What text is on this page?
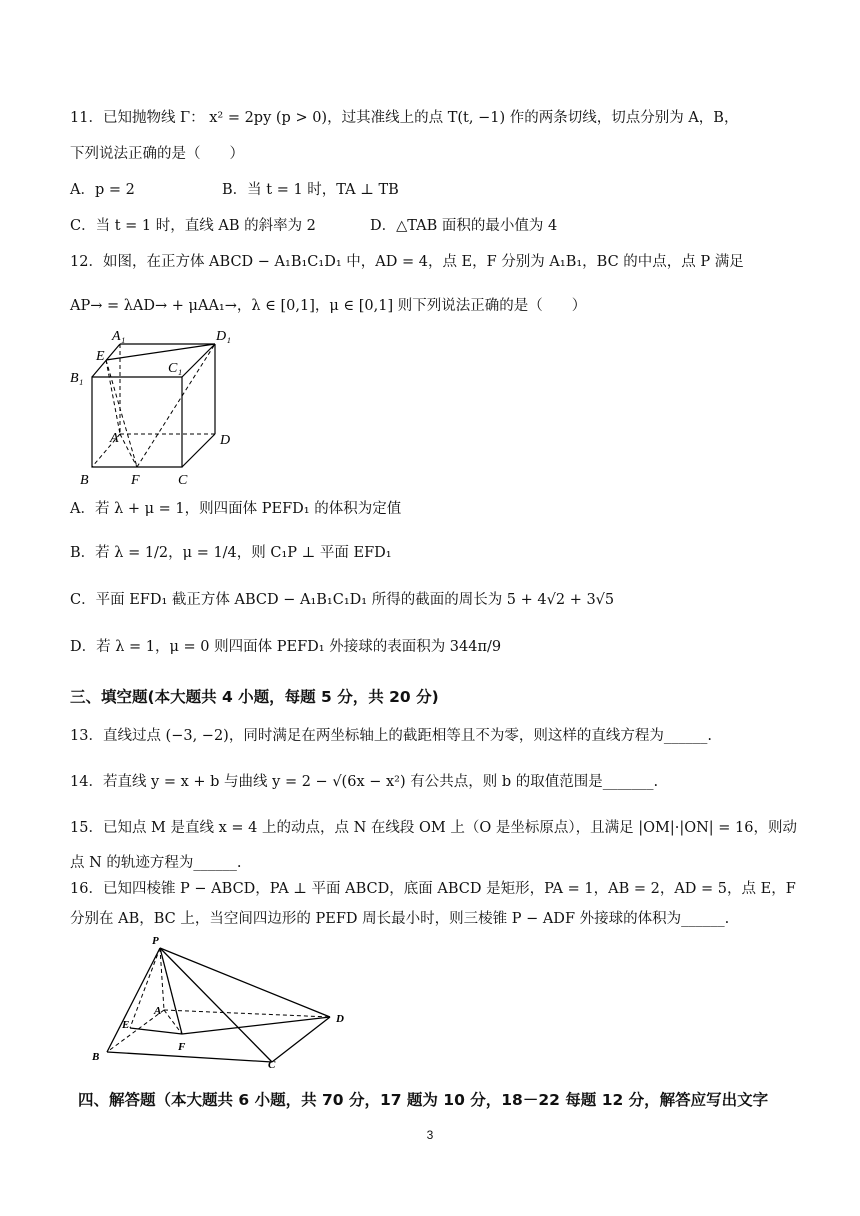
11．已知抛物线 Γ： x² = 2py (p > 0)，过其准线上的点 T(t, −1) 作的两条切线，切点分别为 A，B，
下列说法正确的是（　　）
A．p = 2	B．当 t = 1 时，TA ⊥ TB
C．当 t = 1 时，直线 AB 的斜率为 2	D．△TAB 面积的最小值为 4
12．如图，在正方体 ABCD − A₁B₁C₁D₁ 中，AD = 4，点 E，F 分别为 A₁B₁，BC 的中点，点 P 满足
AP→ = λAD→ + μAA₁→，λ ∈ [0,1]，μ ∈ [0,1] 则下列说法正确的是（　　）
A₁	D₁
E
C₁
B₁
A	D
B	F	C
A．若 λ + μ = 1，则四面体 PEFD₁ 的体积为定值
B．若 λ = 1/2，μ = 1/4，则 C₁P ⊥ 平面 EFD₁
C．平面 EFD₁ 截正方体 ABCD − A₁B₁C₁D₁ 所得的截面的周长为 5 + 4√2 + 3√5
D．若 λ = 1，μ = 0 则四面体 PEFD₁ 外接球的表面积为 344π/9
三、填空题(本大题共 4 小题，每题 5 分，共 20 分)
13．直线过点 (−3, −2)，同时满足在两坐标轴上的截距相等且不为零，则这样的直线方程为______.
14．若直线 y = x + b 与曲线 y = 2 − √(6x − x²) 有公共点，则 b 的取值范围是_______.
15．已知点 M 是直线 x = 4 上的动点，点 N 在线段 OM 上（O 是坐标原点），且满足 |OM|·|ON| = 16，则动
点 N 的轨迹方程为______.
16．已知四棱锥 P − ABCD，PA ⊥ 平面 ABCD，底面 ABCD 是矩形，PA = 1，AB = 2，AD = 5，点 E，F
分别在 AB，BC 上，当空间四边形的 PEFD 周长最小时，则三棱锥 P − ADF 外接球的体积为______.
P
A
D
E
B
F
C
四、解答题（本大题共 6 小题，共 70 分，17 题为 10 分，18－22 每题 12 分，解答应写出文字
3
